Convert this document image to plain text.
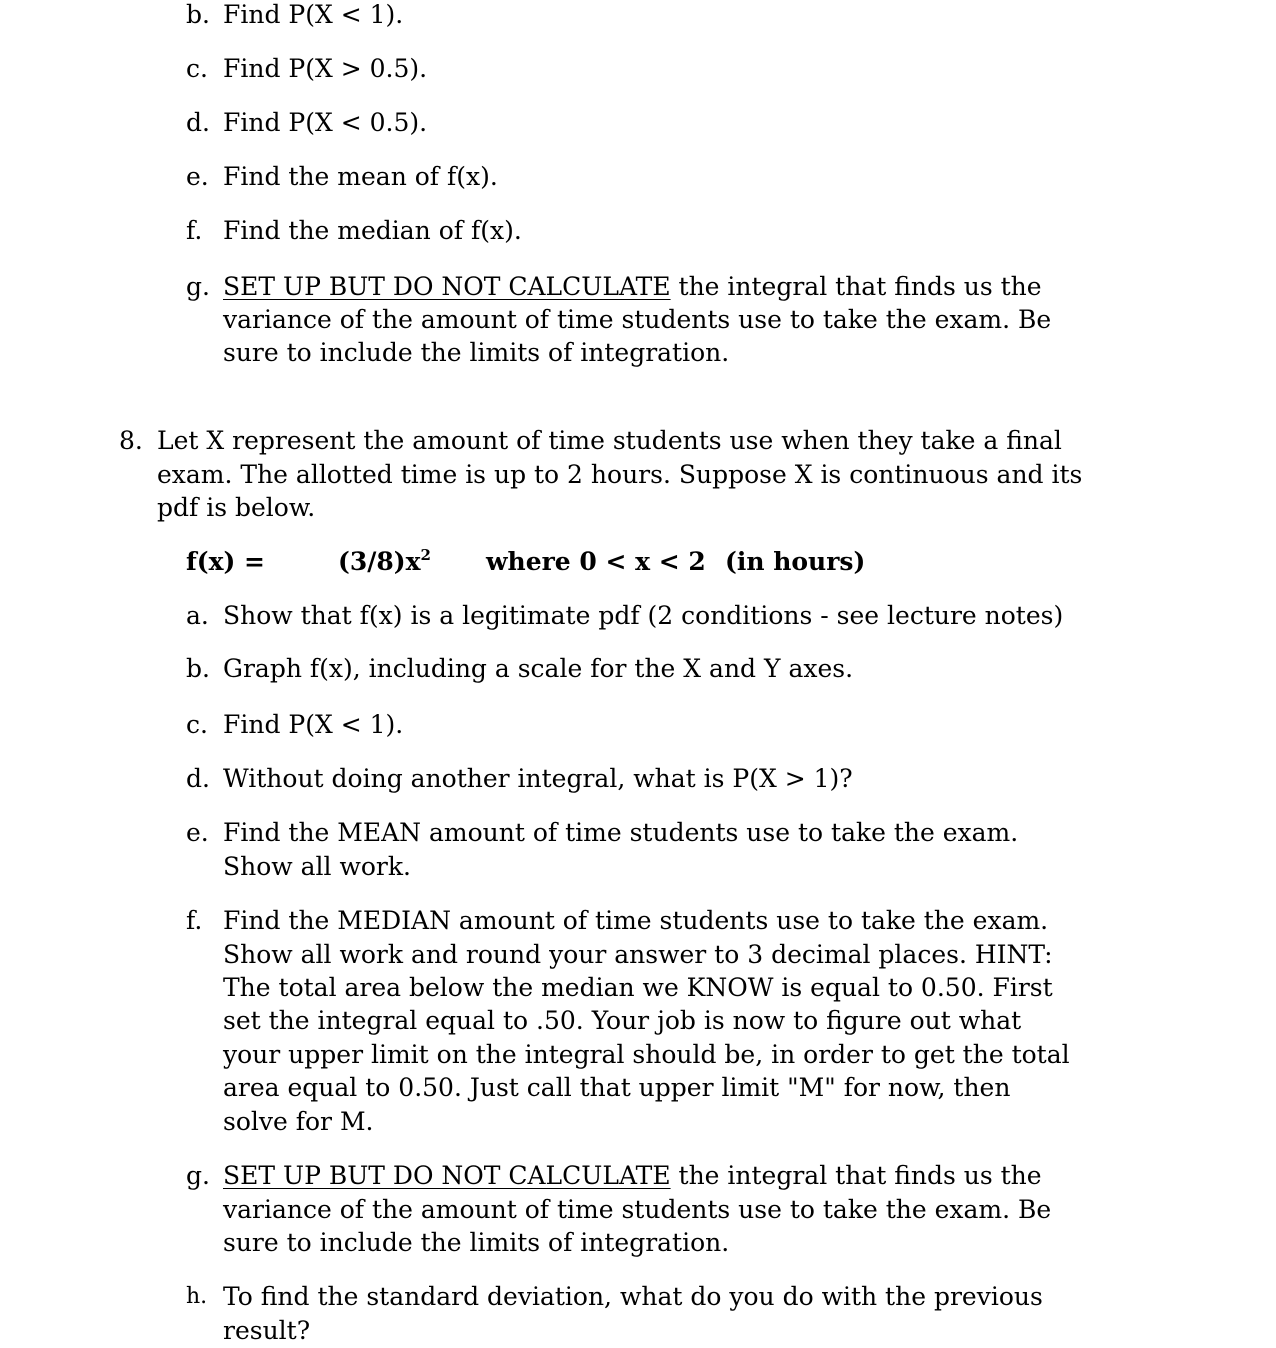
b. Find P(X < 1).
c. Find P(X > 0.5).
d. Find P(X < 0.5).
e. Find the mean of f(x).
f. Find the median of f(x).
g. SET UP BUT DO NOT CALCULATE the integral that finds us the
variance of the amount of time students use to take the exam. Be
sure to include the limits of integration.
8. Let X represent the amount of time students use when they take a final
exam. The allotted time is up to 2 hours. Suppose X is continuous and its
pdf is below.
f(x) =	$(3/8)x^2$ where 0 < x < 2 (in hours)
a. Show that f(x) is a legitimate pdf (2 conditions - see lecture notes)
b. Graph f(x), including a scale for the X and Y axes.
c. Find P(X < 1).
d. Without doing another integral, what is P(X > 1)?
e. Find the MEAN amount of time students use to take the exam.
Show all work.
f. Find the MEDIAN amount of time students use to take the exam.
Show all work and round your answer to 3 decimal places. HINT:
The total area below the median we KNOW is equal to 0.50. First
set the integral equal to .50. Your job is now to figure out what
your upper limit on the integral should be, in order to get the total
area equal to 0.50. Just call that upper limit "M" for now, then
solve for M.
g. SET UP BUT DO NOT CALCULATE the integral that finds us the
variance of the amount of time students use to take the exam. Be
sure to include the limits of integration.
h. To find the standard deviation, what do you do with the previous
result?
